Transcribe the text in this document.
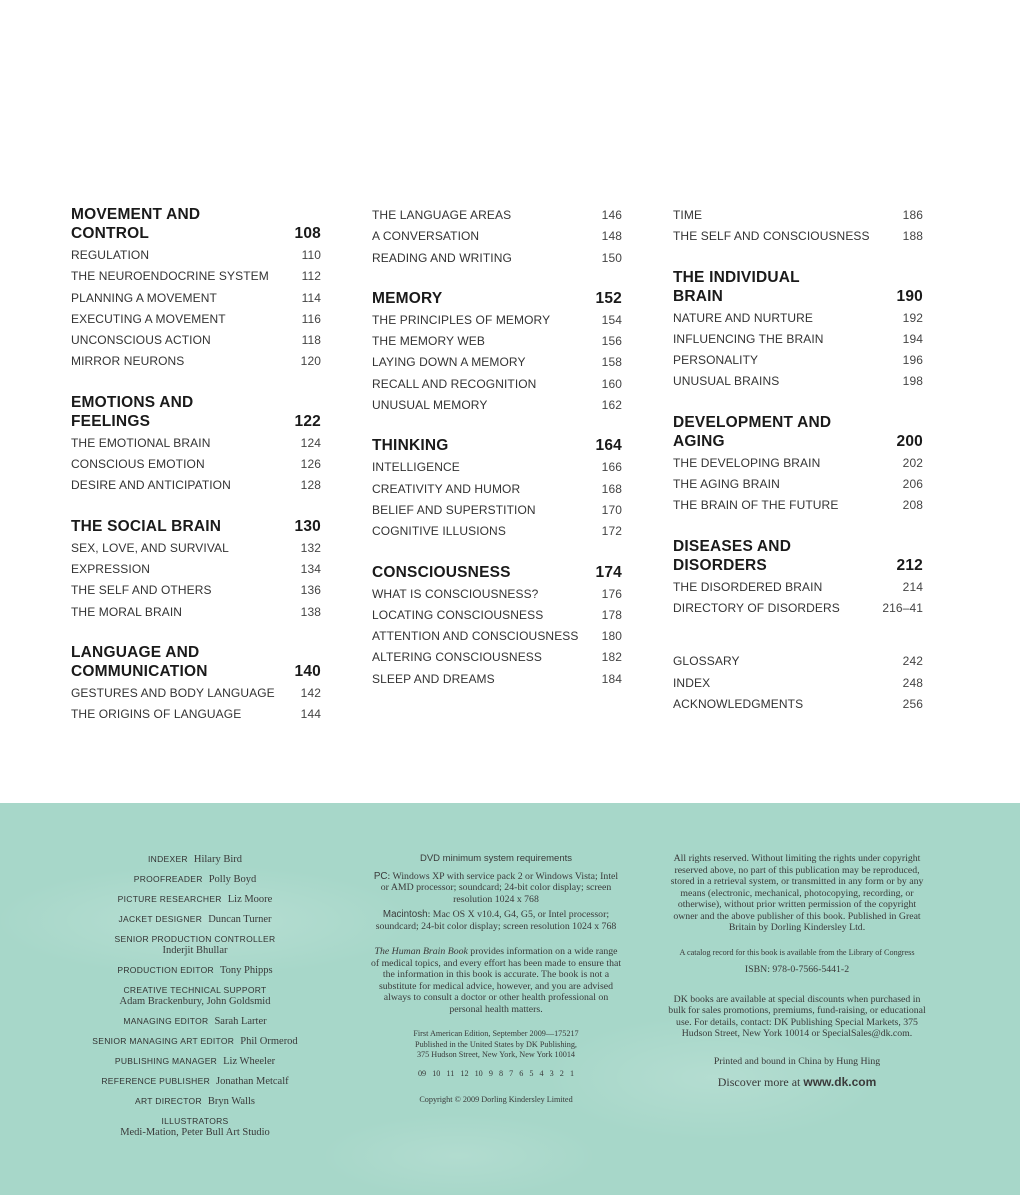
MOVEMENT AND CONTROL	108
REGULATION	110
THE NEUROENDOCRINE SYSTEM	112
PLANNING A MOVEMENT	114
EXECUTING A MOVEMENT	116
UNCONSCIOUS ACTION	118
MIRROR NEURONS	120
EMOTIONS AND FEELINGS	122
THE EMOTIONAL BRAIN	124
CONSCIOUS EMOTION	126
DESIRE AND ANTICIPATION	128
THE SOCIAL BRAIN	130
SEX, LOVE, AND SURVIVAL	132
EXPRESSION	134
THE SELF AND OTHERS	136
THE MORAL BRAIN	138
LANGUAGE AND COMMUNICATION	140
GESTURES AND BODY LANGUAGE 142
THE ORIGINS OF LANGUAGE	144
THE LANGUAGE AREAS	146
A CONVERSATION	148
READING AND WRITING	150
MEMORY	152
THE PRINCIPLES OF MEMORY	154
THE MEMORY WEB	156
LAYING DOWN A MEMORY	158
RECALL AND RECOGNITION	160
UNUSUAL MEMORY	162
THINKING	164
INTELLIGENCE	166
CREATIVITY AND HUMOR	168
BELIEF AND SUPERSTITION	170
COGNITIVE ILLUSIONS	172
CONSCIOUSNESS	174
WHAT IS CONSCIOUSNESS?	176
LOCATING CONSCIOUSNESS	178
ATTENTION AND CONSCIOUSNESS 180
ALTERING CONSCIOUSNESS	182
SLEEP AND DREAMS	184
TIME	186
THE SELF AND CONSCIOUSNESS	188
THE INDIVIDUAL BRAIN	190
NATURE AND NURTURE	192
INFLUENCING THE BRAIN	194
PERSONALITY	196
UNUSUAL BRAINS	198
DEVELOPMENT AND AGING	200
THE DEVELOPING BRAIN	202
THE AGING BRAIN	206
THE BRAIN OF THE FUTURE	208
DISEASES AND DISORDERS	212
THE DISORDERED BRAIN	214
DIRECTORY OF DISORDERS	216–41
GLOSSARY	242
INDEX	248
ACKNOWLEDGMENTS	256
INDEXER Hilary Bird
PROOFREADER Polly Boyd
PICTURE RESEARCHER Liz Moore
JACKET DESIGNER Duncan Turner
SENIOR PRODUCTION CONTROLLER
Inderjit Bhullar
PRODUCTION EDITOR Tony Phipps
CREATIVE TECHNICAL SUPPORT
Adam Brackenbury, John Goldsmid
MANAGING EDITOR Sarah Larter
SENIOR MANAGING ART EDITOR Phil Ormerod
PUBLISHING MANAGER Liz Wheeler
REFERENCE PUBLISHER Jonathan Metcalf
ART DIRECTOR Bryn Walls
ILLUSTRATORS
Medi-Mation, Peter Bull Art Studio
DVD minimum system requirements

PC: Windows XP with service pack 2 or Windows Vista; Intel or AMD processor; soundcard; 24-bit color display; screen resolution 1024 x 768

Macintosh: Mac OS X v10.4, G4, G5, or Intel processor; soundcard; 24-bit color display; screen resolution 1024 x 768

The Human Brain Book provides information on a wide range of medical topics, and every effort has been made to ensure that the information in this book is accurate. The book is not a substitute for medical advice, however, and you are advised always to consult a doctor or other health professional on personal health matters.

First American Edition, September 2009—175217

Published in the United States by DK Publishing,

375 Hudson Street, New York, New York 10014

09 10 11 12 10 9 8 7 6 5 4 3 2 1

Copyright © 2009 Dorling Kindersley Limited

All rights reserved. Without limiting the rights under copyright reserved above, no part of this publication may be reproduced, stored in a retrieval system, or transmitted in any form or by any means (electronic, mechanical, photocopying, recording, or otherwise), without prior written permission of the copyright owner and the above publisher of this book. Published in Great Britain by Dorling Kindersley Ltd.

A catalog record for this book is available from the Library of Congress

ISBN: 978-0-7566-5441-2

DK books are available at special discounts when purchased in bulk for sales promotions, premiums, fund-raising, or educational use. For details, contact: DK Publishing Special Markets, 375 Hudson Street, New York 10014 or SpecialSales@dk.com.

Printed and bound in China by Hung Hing

Discover more at www.dk.com
